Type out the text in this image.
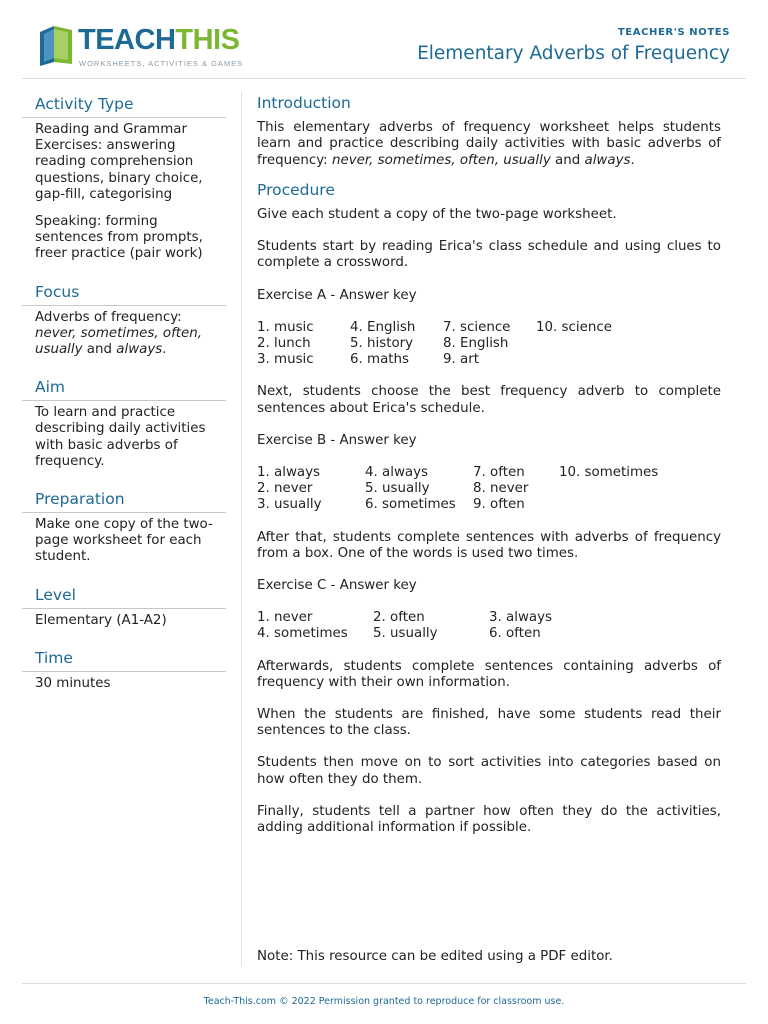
TEACHTHIS
WORKSHEETS, ACTIVITIES & GAMES
TEACHER'S NOTES
Elementary Adverbs of Frequency
Activity Type

Reading and Grammar Exercises: answering reading comprehension questions, binary choice, gap-fill, categorising

Speaking: forming sentences from prompts, freer practice (pair work)

Focus
Adverbs of frequency: never, sometimes, often, usually and always.
Aim
To learn and practice describing daily activities with basic adverbs of frequency.
Preparation
Make one copy of the two-page worksheet for each student.
Level
Elementary (A1-A2)
Time
30 minutes
Introduction

This elementary adverbs of frequency worksheet helps students learn and practice describing daily activities with basic adverbs of frequency: never, sometimes, often, usually and always.

Procedure

Give each student a copy of the two-page worksheet.

Students start by reading Erica's class schedule and using clues to complete a crossword.

Exercise A - Answer key

1. music	4. English	7. science	10. science
2. lunch	5. history	8. English
3. music	6. maths	9. art

Next, students choose the best frequency adverb to complete sentences about Erica's schedule.

Exercise B - Answer key

1. always	4. always	7. often	10. sometimes
2. never	5. usually	8. never
3. usually	6. sometimes	9. often

After that, students complete sentences with adverbs of frequency from a box. One of the words is used two times.

Exercise C - Answer key

1. never	2. often	3. always
4. sometimes	5. usually	6. often

Afterwards, students complete sentences containing adverbs of frequency with their own information.

When the students are finished, have some students read their sentences to the class.

Students then move on to sort activities into categories based on how often they do them.

Finally, students tell a partner how often they do the activities, adding additional information if possible.

Note: This resource can be edited using a PDF editor.
Teach-This.com © 2022 Permission granted to reproduce for classroom use.
